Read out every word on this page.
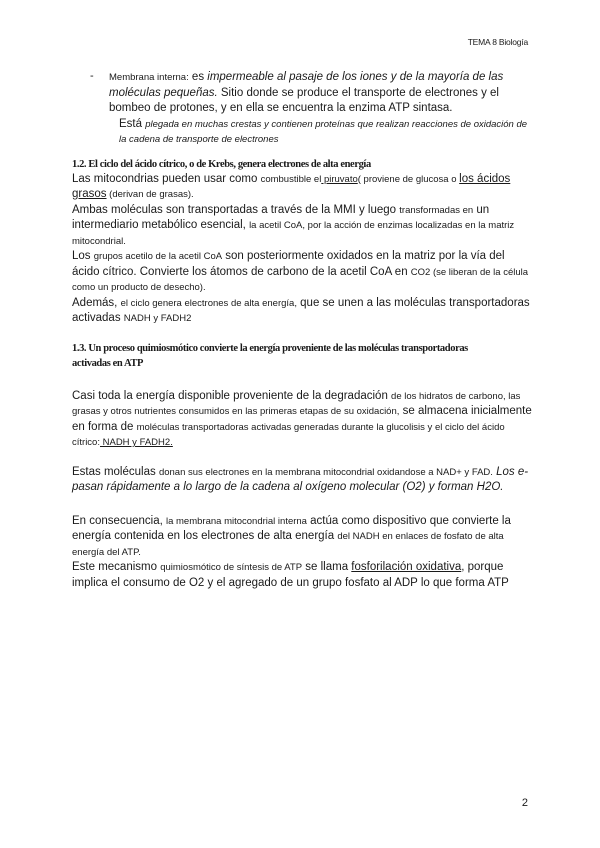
TEMA 8 Biología
- Membrana interna: es impermeable al pasaje de los iones y de la mayoría de las moléculas pequeñas. Sitio donde se produce el transporte de electrones y el bombeo de protones, y en ella se encuentra la enzima ATP sintasa.

Está plegada en muchas crestas y contienen proteínas que realizan reacciones de oxidación de la cadena de transporte de electrones

1.2. El ciclo del ácido cítrico, o de Krebs, genera electrones de alta energía

Las mitocondrias pueden usar como combustible el piruvato( proviene de glucosa o los ácidos grasos (derivan de grasas).

Ambas moléculas son transportadas a través de la MMI y luego transformadas en un intermediario metabólico esencial, la acetil CoA, por la acción de enzimas localizadas en la matriz mitocondrial.

Los grupos acetilo de la acetil CoA son posteriormente oxidados en la matriz por la vía del ácido cítrico. Convierte los átomos de carbono de la acetil CoA en CO2 (se liberan de la célula como un producto de desecho).

Además, el ciclo genera electrones de alta energía, que se unen a las moléculas transportadoras activadas NADH y FADH2

1.3. Un proceso quimiosmótico convierte la energía proveniente de las moléculas transportadoras activadas en ATP

Casi toda la energía disponible proveniente de la degradación de los hidratos de carbono, las grasas y otros nutrientes consumidos en las primeras etapas de su oxidación, se almacena inicialmente en forma de moléculas transportadoras activadas generadas durante la glucolisis y el ciclo del ácido cítrico: NADH y FADH2.

Estas moléculas donan sus electrones en la membrana mitocondrial oxidandose a NAD+ y FAD. Los e- pasan rápidamente a lo largo de la cadena al oxígeno molecular (O2) y forman H2O.

En consecuencia, la membrana mitocondrial interna actúa como dispositivo que convierte la energía contenida en los electrones de alta energía del NADH en enlaces de fosfato de alta energía del ATP.

Este mecanismo quimiosmótico de síntesis de ATP se llama fosforilación oxidativa, porque implica el consumo de O2 y el agregado de un grupo fosfato al ADP lo que forma ATP

2
